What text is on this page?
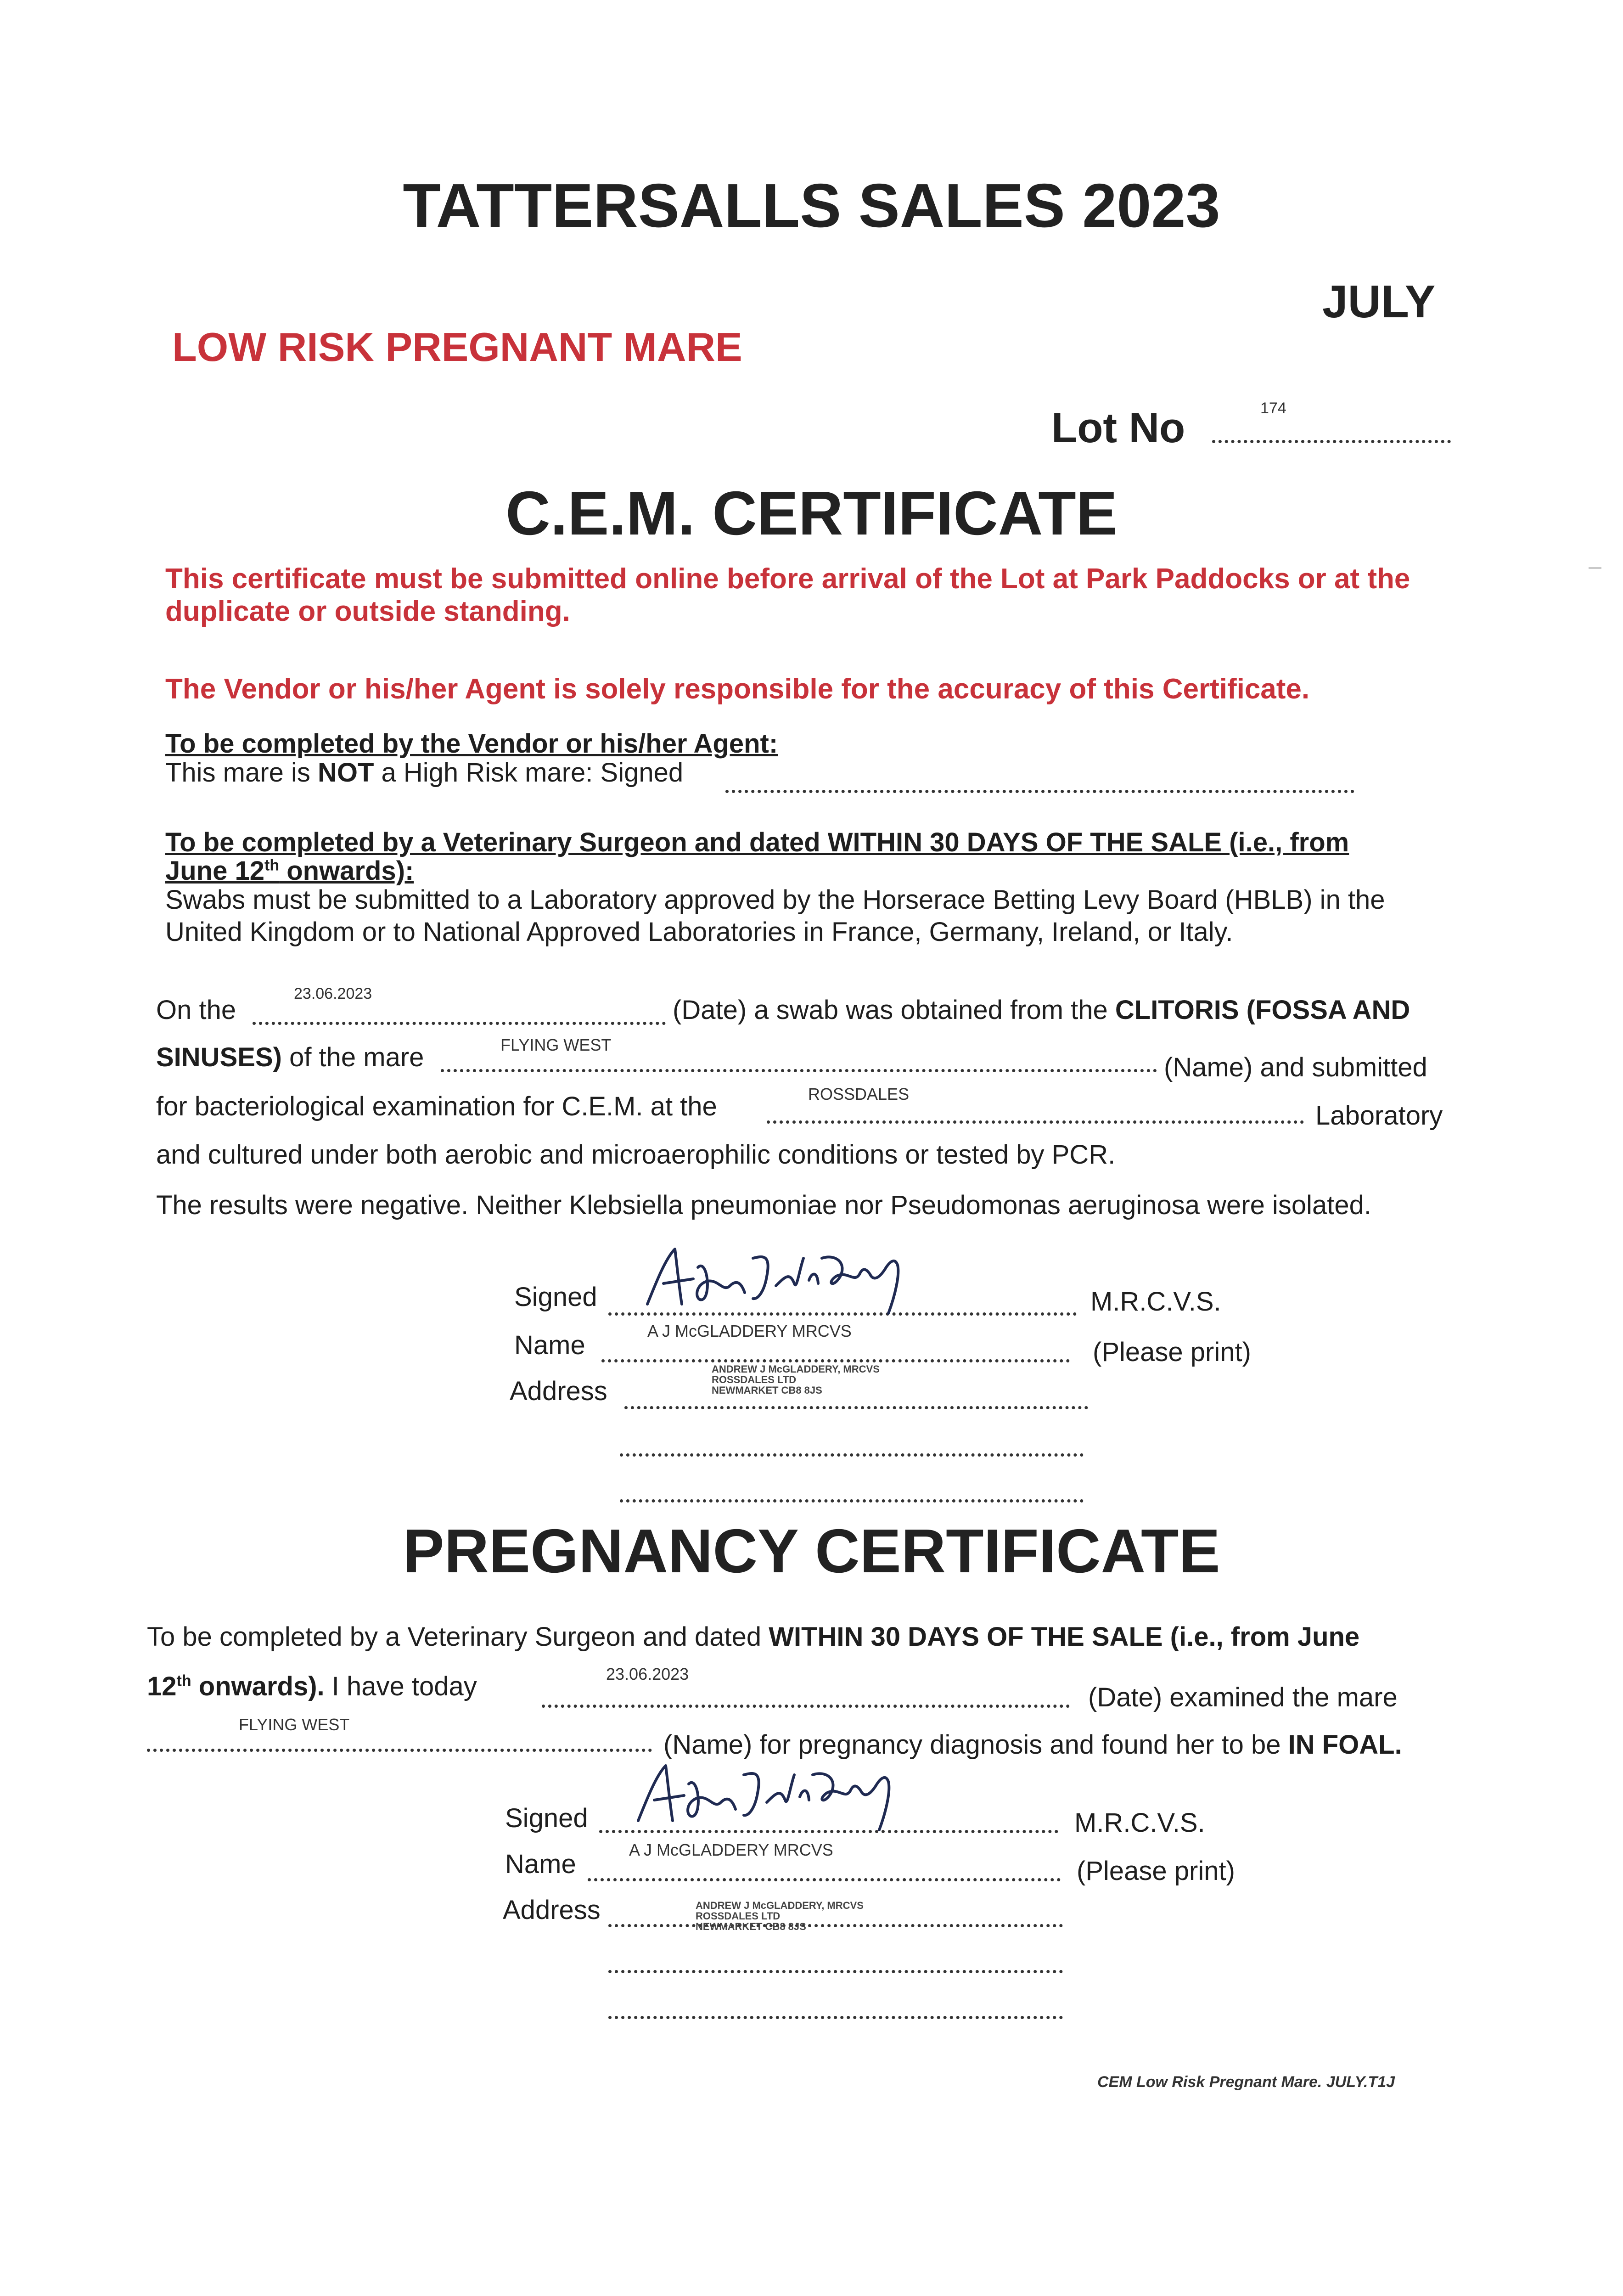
TATTERSALLS SALES 2023
JULY
LOW RISK PREGNANT MARE
Lot No	174
C.E.M. CERTIFICATE
This certificate must be submitted online before arrival of the Lot at Park Paddocks or at the duplicate or outside standing.
The Vendor or his/her Agent is solely responsible for the accuracy of this Certificate.
To be completed by the Vendor or his/her Agent:
This mare is NOT a High Risk mare: Signed
To be completed by a Veterinary Surgeon and dated WITHIN 30 DAYS OF THE SALE (i.e., from
June 12th onwards):
Swabs must be submitted to a Laboratory approved by the Horserace Betting Levy Board (HBLB) in the United Kingdom or to National Approved Laboratories in France, Germany, Ireland, or Italy.
On the
23.06.2023
(Date) a swab was obtained from the CLITORIS (FOSSA AND
SINUSES) of the mare	FLYING WEST
(Name) and submitted
for bacteriological examination for C.E.M. at the	ROSSDALES
Laboratory
and cultured under both aerobic and microaerophilic conditions or tested by PCR.
The results were negative. Neither Klebsiella pneumoniae nor Pseudomonas aeruginosa were isolated.
Signed	M.R.C.V.S.
Name	A J McGLADDERY MRCVS
(Please print)
Address
ANDREW J McGLADDERY, MRCVS
ROSSDALES LTD
NEWMARKET CB8 8JS
PREGNANCY CERTIFICATE
To be completed by a Veterinary Surgeon and dated WITHIN 30 DAYS OF THE SALE (i.e., from June
12th onwards). I have today	23.06.2023
(Date) examined the mare
FLYING WEST
(Name) for pregnancy diagnosis and found her to be IN FOAL.
Signed	M.R.C.V.S.
Name	A J McGLADDERY MRCVS
(Please print)
Address	ANDREW J McGLADDERY, MRCVS
ROSSDALES LTD
NEWMARKET CB8 8JS
CEM Low Risk Pregnant Mare. JULY.T1J
